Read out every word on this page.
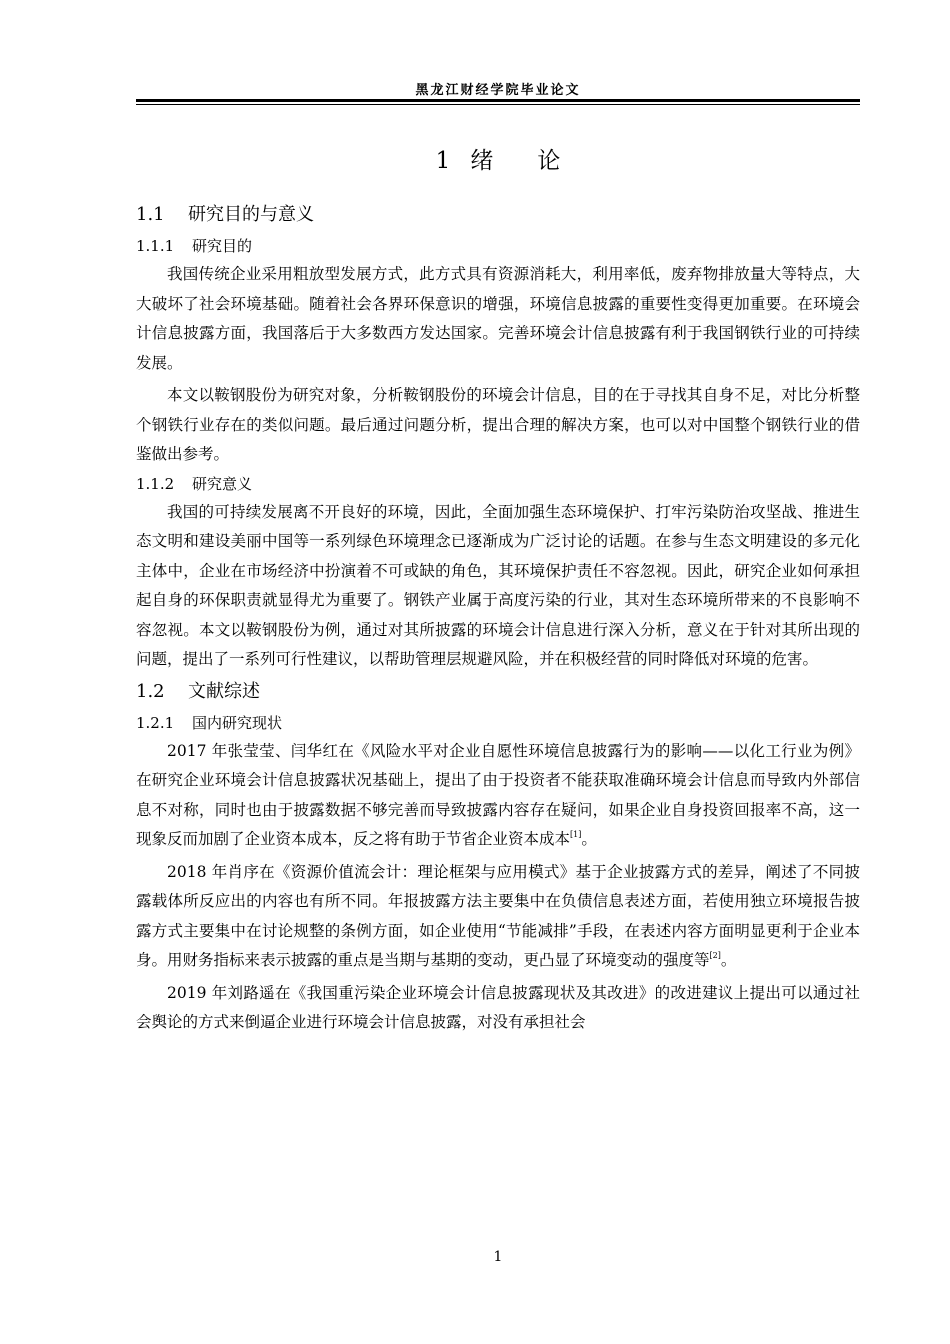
黑龙江财经学院毕业论文
1 绪 论
1.1 研究目的与意义
1.1.1 研究目的

我国传统企业采用粗放型发展方式，此方式具有资源消耗大，利用率低，废弃物排放量大等特点，大大破坏了社会环境基础。随着社会各界环保意识的增强，环境信息披露的重要性变得更加重要。在环境会计信息披露方面，我国落后于大多数西方发达国家。完善环境会计信息披露有利于我国钢铁行业的可持续发展。

本文以鞍钢股份为研究对象，分析鞍钢股份的环境会计信息，目的在于寻找其自身不足，对比分析整个钢铁行业存在的类似问题。最后通过问题分析，提出合理的解决方案，也可以对中国整个钢铁行业的借鉴做出参考。

1.1.2 研究意义

我国的可持续发展离不开良好的环境，因此，全面加强生态环境保护、打牢污染防治攻坚战、推进生态文明和建设美丽中国等一系列绿色环境理念已逐渐成为广泛讨论的话题。在参与生态文明建设的多元化主体中，企业在市场经济中扮演着不可或缺的角色，其环境保护责任不容忽视。因此，研究企业如何承担起自身的环保职责就显得尤为重要了。钢铁产业属于高度污染的行业，其对生态环境所带来的不良影响不容忽视。本文以鞍钢股份为例，通过对其所披露的环境会计信息进行深入分析，意义在于针对其所出现的问题，提出了一系列可行性建议，以帮助管理层规避风险，并在积极经营的同时降低对环境的危害。

1.2 文献综述
1.2.1 国内研究现状

2017 年张莹莹、闫华红在《风险水平对企业自愿性环境信息披露行为的影响——以化工行业为例》在研究企业环境会计信息披露状况基础上，提出了由于投资者不能获取准确环境会计信息而导致内外部信息不对称，同时也由于披露数据不够完善而导致披露内容存在疑问，如果企业自身投资回报率不高，这一现象反而加剧了企业资本成本，反之将有助于节省企业资本成本[1]。

2018 年肖序在《资源价值流会计：理论框架与应用模式》基于企业披露方式的差异，阐述了不同披露载体所反应出的内容也有所不同。年报披露方法主要集中在负债信息表述方面，若使用独立环境报告披露方式主要集中在讨论规整的条例方面，如企业使用“节能减排”手段，在表述内容方面明显更利于企业本身。用财务指标来表示披露的重点是当期与基期的变动，更凸显了环境变动的强度等[2]。

2019 年刘路遥在《我国重污染企业环境会计信息披露现状及其改进》的改进建议上提出可以通过社会舆论的方式来倒逼企业进行环境会计信息披露，对没有承担社会

1
